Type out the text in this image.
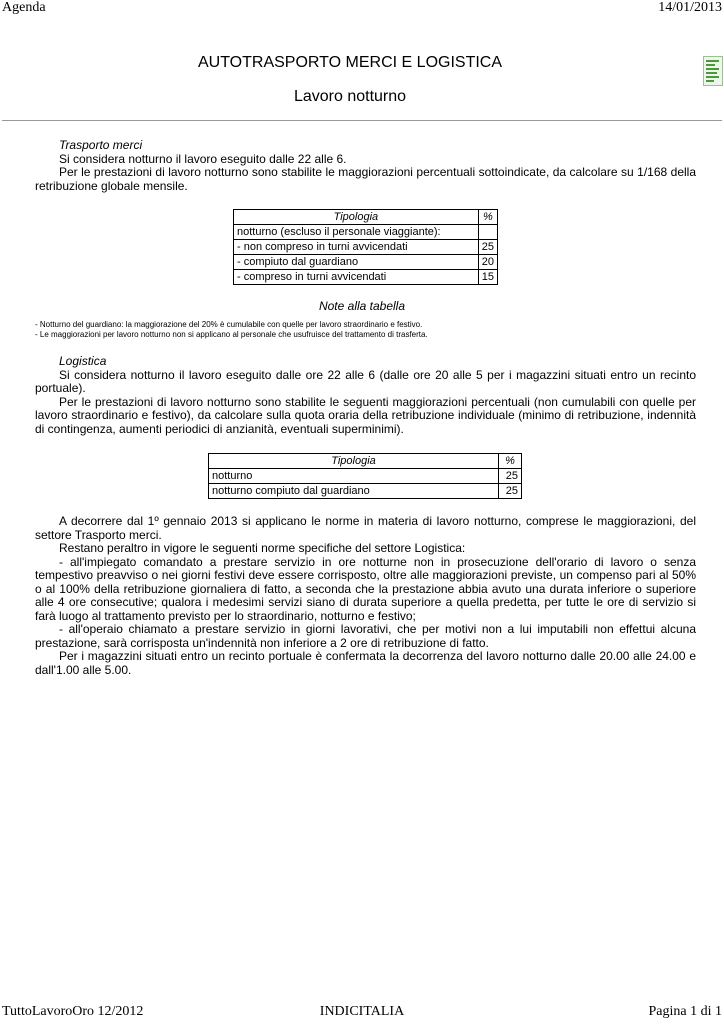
Agenda	14/01/2013
AUTOTRASPORTO MERCI E LOGISTICA
Lavoro notturno
Trasporto merci
Si considera notturno il lavoro eseguito dalle 22 alle 6.
Per le prestazioni di lavoro notturno sono stabilite le maggiorazioni percentuali sottoindicate, da calcolare su 1/168 della retribuzione globale mensile.
Tipologia	%
notturno (escluso il personale viaggiante):	
- non compreso in turni avvicendati	25
- compiuto dal guardiano	20
- compreso in turni avvicendati	15
Note alla tabella
- Notturno del guardiano: la maggiorazione del 20% è cumulabile con quelle per lavoro straordinario e festivo.
- Le maggiorazioni per lavoro notturno non si applicano al personale che usufruisce del trattamento di trasferta.
Logistica
Si considera notturno il lavoro eseguito dalle ore 22 alle 6 (dalle ore 20 alle 5 per i magazzini situati entro un recinto portuale).
Per le prestazioni di lavoro notturno sono stabilite le seguenti maggiorazioni percentuali (non cumulabili con quelle per lavoro straordinario e festivo), da calcolare sulla quota oraria della retribuzione individuale (minimo di retribuzione, indennità di contingenza, aumenti periodici di anzianità, eventuali superminimi).
Tipologia	%
notturno	25
notturno compiuto dal guardiano	25
A decorrere dal 1º gennaio 2013 si applicano le norme in materia di lavoro notturno, comprese le maggiorazioni, del settore Trasporto merci.
Restano peraltro in vigore le seguenti norme specifiche del settore Logistica:
- all'impiegato comandato a prestare servizio in ore notturne non in prosecuzione dell'orario di lavoro o senza tempestivo preavviso o nei giorni festivi deve essere corrisposto, oltre alle maggiorazioni previste, un compenso pari al 50% o al 100% della retribuzione giornaliera di fatto, a seconda che la prestazione abbia avuto una durata inferiore o superiore alle 4 ore consecutive; qualora i medesimi servizi siano di durata superiore a quella predetta, per tutte le ore di servizio si farà luogo al trattamento previsto per lo straordinario, notturno e festivo;
- all'operaio chiamato a prestare servizio in giorni lavorativi, che per motivi non a lui imputabili non effettui alcuna prestazione, sarà corrisposta un'indennità non inferiore a 2 ore di retribuzione di fatto.
Per i magazzini situati entro un recinto portuale è confermata la decorrenza del lavoro notturno dalle 20.00 alle 24.00 e dall'1.00 alle 5.00.
TuttoLavoroOro 12/2012	INDICITALIA	Pagina 1 di 1
